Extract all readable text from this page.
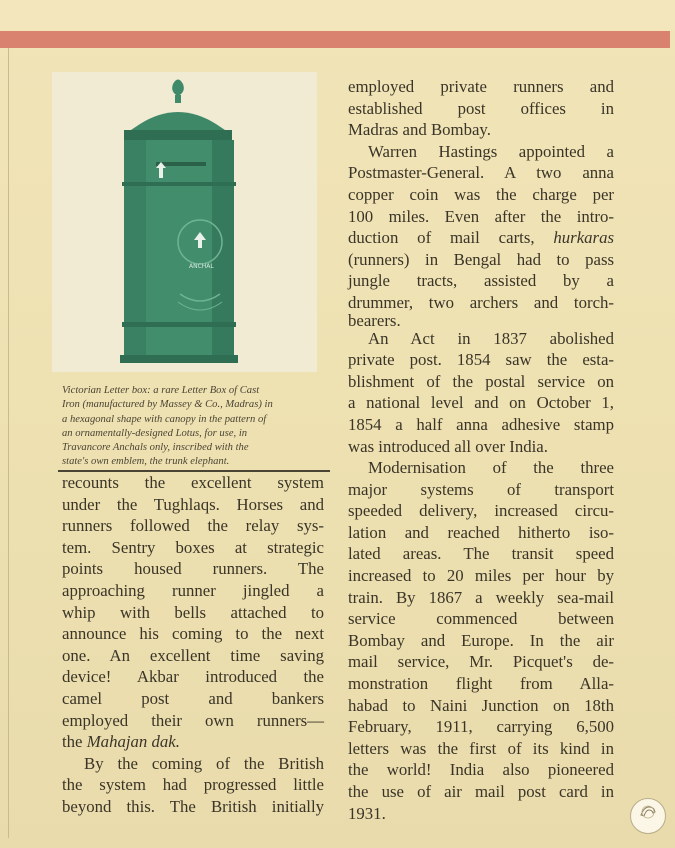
ANCHAL

Victorian Letter box: a rare Letter Box of Cast

Iron (manufactured by Massey & Co., Madras) in

a hexagonal shape with canopy in the pattern of

an ornamentally-designed Lotus, for use, in

Travancore Anchals only, inscribed with the

state's own emblem, the trunk elephant.

recounts the excellent system

under the Tughlaqs. Horses and

runners followed the relay sys-

tem. Sentry boxes at strategic

points housed runners. The

approaching runner jingled a

whip with bells attached to

announce his coming to the next

one. An excellent time saving

device! Akbar introduced the

camel post and bankers

employed their own runners—

the Mahajan dak.

By the coming of the British

the system had progressed little

beyond this. The British initially

employed private runners and

established post offices in

Madras and Bombay.

Warren Hastings appointed a

Postmaster-General. A two anna

copper coin was the charge per

100 miles. Even after the intro-

duction of mail carts, hurkaras

(runners) in Bengal had to pass

jungle tracts, assisted by a

drummer, two archers and torch-

bearers.

An Act in 1837 abolished

private post. 1854 saw the esta-

blishment of the postal service on

a national level and on October 1,

1854 a half anna adhesive stamp

was introduced all over India.

Modernisation of the three

major systems of transport

speeded delivery, increased circu-

lation and reached hitherto iso-

lated areas. The transit speed

increased to 20 miles per hour by

train. By 1867 a weekly sea-mail

service commenced between

Bombay and Europe. In the air

mail service, Mr. Picquet's de-

monstration flight from Alla-

habad to Naini Junction on 18th

February, 1911, carrying 6,500

letters was the first of its kind in

the world! India also pioneered

the use of air mail post card in

1931.
